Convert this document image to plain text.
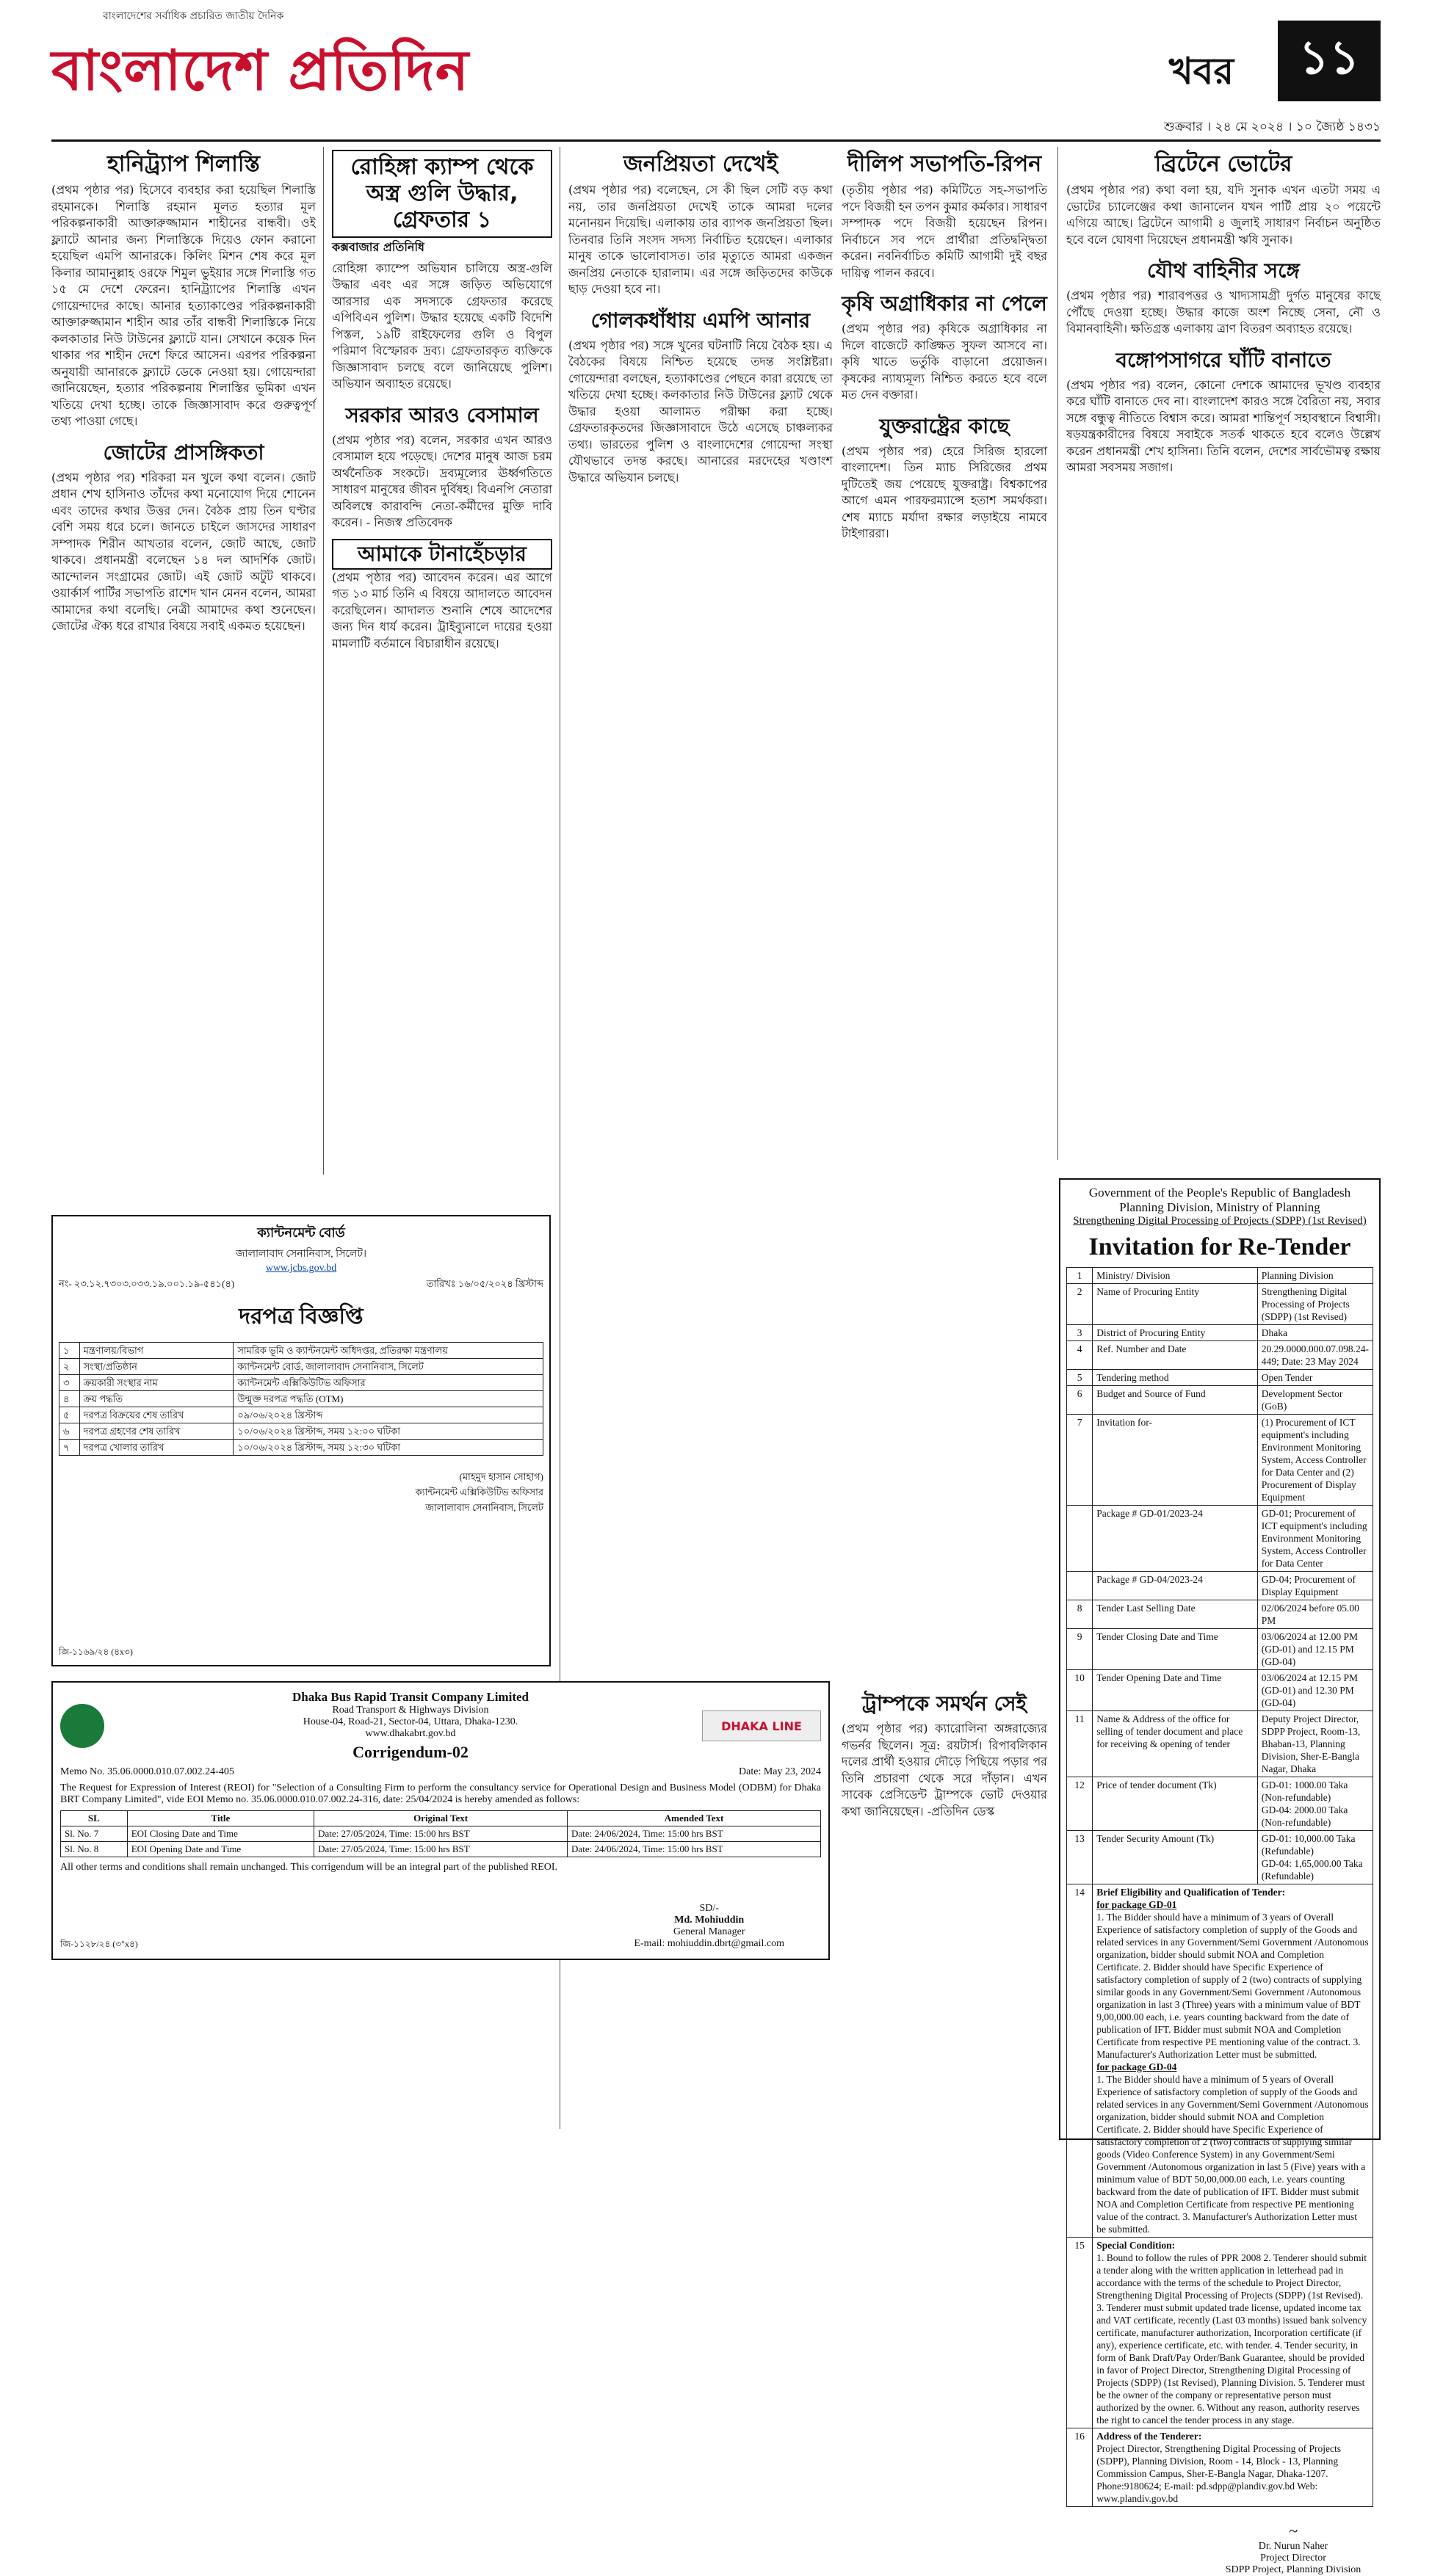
বাংলাদেশের সর্বাধিক প্রচারিত জাতীয় দৈনিক
বাংলাদেশ প্রতিদিন	খবর	১১
শুক্রবার । ২৪ মে ২০২৪ । ১০ জ্যৈষ্ঠ ১৪৩১
হানিট্র্যাপ শিলাস্তি

(প্রথম পৃষ্ঠার পর) হিসেবে ব্যবহার করা হয়েছিল শিলাস্তি রহমানকে। শিলাস্তি রহমান মূলত হত্যার মূল পরিকল্পনাকারী আক্তারুজ্জামান শাহীনের বান্ধবী। ওই ফ্ল্যাটে আনার জন্য শিলাস্তিকে দিয়েও ফোন করানো হয়েছিল এমপি আনারকে। কিলিং মিশন শেষ করে মূল কিলার আমানুল্লাহ ওরফে শিমুল ভুইয়ার সঙ্গে শিলাস্তি গত ১৫ মে দেশে ফেরেন। হানিট্র্যাপের শিলাস্তি এখন গোয়েন্দাদের কাছে। আনার হত্যাকাণ্ডের পরিকল্পনাকারী আক্তারুজ্জামান শাহীন আর তাঁর বান্ধবী শিলাস্তিকে নিয়ে কলকাতার নিউ টাউনের ফ্ল্যাটে যান। সেখানে কয়েক দিন থাকার পর শাহীন দেশে ফিরে আসেন। এরপর পরিকল্পনা অনুযায়ী আনারকে ফ্ল্যাটে ডেকে নেওয়া হয়। গোয়েন্দারা জানিয়েছেন, হত্যার পরিকল্পনায় শিলাস্তির ভূমিকা এখন খতিয়ে দেখা হচ্ছে। তাকে জিজ্ঞাসাবাদ করে গুরুত্বপূর্ণ তথ্য পাওয়া গেছে।

জোটের প্রাসঙ্গিকতা

(প্রথম পৃষ্ঠার পর) শরিকরা মন খুলে কথা বলেন। জোট প্রধান শেখ হাসিনাও তাঁদের কথা মনোযোগ দিয়ে শোনেন এবং তাদের কথার উত্তর দেন। বৈঠক প্রায় তিন ঘণ্টার বেশি সময় ধরে চলে। জানতে চাইলে জাসদের সাধারণ সম্পাদক শিরীন আখতার বলেন, জোট আছে, জোট থাকবে। প্রধানমন্ত্রী বলেছেন ১৪ দল আদর্শিক জোট। আন্দোলন সংগ্রামের জোট। এই জোট অটুট থাকবে। ওয়ার্কার্স পার্টির সভাপতি রাশেদ খান মেনন বলেন, আমরা আমাদের কথা বলেছি। নেত্রী আমাদের কথা শুনেছেন। জোটের ঐক্য ধরে রাখার বিষয়ে সবাই একমত হয়েছেন।

রোহিঙ্গা ক্যাম্প থেকে অস্ত্র গুলি উদ্ধার, গ্রেফতার ১
কক্সবাজার প্রতিনিধি

রোহিঙ্গা ক্যাম্পে অভিযান চালিয়ে অস্ত্র-গুলি উদ্ধার এবং এর সঙ্গে জড়িত অভিযোগে আরসার এক সদস্যকে গ্রেফতার করেছে এপিবিএন পুলিশ। উদ্ধার হয়েছে একটি বিদেশি পিস্তল, ১৯টি রাইফেলের গুলি ও বিপুল পরিমাণ বিস্ফোরক দ্রব্য। গ্রেফতারকৃত ব্যক্তিকে জিজ্ঞাসাবাদ চলছে বলে জানিয়েছে পুলিশ। অভিযান অব্যাহত রয়েছে।

সরকার আরও বেসামাল

(প্রথম পৃষ্ঠার পর) বলেন, সরকার এখন আরও বেসামাল হয়ে পড়েছে। দেশের মানুষ আজ চরম অর্থনৈতিক সংকটে। দ্রব্যমূল্যের ঊর্ধ্বগতিতে সাধারণ মানুষের জীবন দুর্বিষহ। বিএনপি নেতারা অবিলম্বে কারাবন্দি নেতা-কর্মীদের মুক্তি দাবি করেন। - নিজস্ব প্রতিবেদক

আমাকে টানাহেঁচড়ার

(প্রথম পৃষ্ঠার পর) আবেদন করেন। এর আগে গত ১৩ মার্চ তিনি এ বিষয়ে আদালতে আবেদন করেছিলেন। আদালত শুনানি শেষে আদেশের জন্য দিন ধার্য করেন। ট্রাইব্যুনালে দায়ের হওয়া মামলাটি বর্তমানে বিচারাধীন রয়েছে।

জনপ্রিয়তা দেখেই

(প্রথম পৃষ্ঠার পর) বলেছেন, সে কী ছিল সেটি বড় কথা নয়, তার জনপ্রিয়তা দেখেই তাকে আমরা দলের মনোনয়ন দিয়েছি। এলাকায় তার ব্যাপক জনপ্রিয়তা ছিল। তিনবার তিনি সংসদ সদস্য নির্বাচিত হয়েছেন। এলাকার মানুষ তাকে ভালোবাসত। তার মৃত্যুতে আমরা একজন জনপ্রিয় নেতাকে হারালাম। এর সঙ্গে জড়িতদের কাউকে ছাড় দেওয়া হবে না।

গোলকধাঁধায় এমপি আনার

(প্রথম পৃষ্ঠার পর) সঙ্গে খুনের ঘটনাটি নিয়ে বৈঠক হয়। এ বৈঠকের বিষয়ে নিশ্চিত হয়েছে তদন্ত সংশ্লিষ্টরা। গোয়েন্দারা বলছেন, হত্যাকাণ্ডের পেছনে কারা রয়েছে তা খতিয়ে দেখা হচ্ছে। কলকাতার নিউ টাউনের ফ্ল্যাট থেকে উদ্ধার হওয়া আলামত পরীক্ষা করা হচ্ছে। গ্রেফতারকৃতদের জিজ্ঞাসাবাদে উঠে এসেছে চাঞ্চল্যকর তথ্য। ভারতের পুলিশ ও বাংলাদেশের গোয়েন্দা সংস্থা যৌথভাবে তদন্ত করছে। আনারের মরদেহের খণ্ডাংশ উদ্ধারে অভিযান চলছে।

দীলিপ সভাপতি-রিপন

(তৃতীয় পৃষ্ঠার পর) কমিটিতে সহ-সভাপতি পদে বিজয়ী হন তপন কুমার কর্মকার। সাধারণ সম্পাদক পদে বিজয়ী হয়েছেন রিপন। নির্বাচনে সব পদে প্রার্থীরা প্রতিদ্বন্দ্বিতা করেন। নবনির্বাচিত কমিটি আগামী দুই বছর দায়িত্ব পালন করবে।

কৃষি অগ্রাধিকার না পেলে

(প্রথম পৃষ্ঠার পর) কৃষিকে অগ্রাধিকার না দিলে বাজেটে কাঙ্ক্ষিত সুফল আসবে না। কৃষি খাতে ভর্তুকি বাড়ানো প্রয়োজন। কৃষকের ন্যায্যমূল্য নিশ্চিত করতে হবে বলে মত দেন বক্তারা।

যুক্তরাষ্ট্রের কাছে

(প্রথম পৃষ্ঠার পর) হেরে সিরিজ হারলো বাংলাদেশ। তিন ম্যাচ সিরিজের প্রথম দুটিতেই জয় পেয়েছে যুক্তরাষ্ট্র। বিশ্বকাপের আগে এমন পারফরম্যান্সে হতাশ সমর্থকরা। শেষ ম্যাচে মর্যাদা রক্ষার লড়াইয়ে নামবে টাইগাররা।

ব্রিটেনে ভোটের

(প্রথম পৃষ্ঠার পর) কথা বলা হয়, যদি সুনাক এখন এতটা সময় এ ভোটের চ্যালেঞ্জের কথা জানালেন যখন পার্টি প্রায় ২০ পয়েন্টে এগিয়ে আছে। ব্রিটেনে আগামী ৪ জুলাই সাধারণ নির্বাচন অনুষ্ঠিত হবে বলে ঘোষণা দিয়েছেন প্রধানমন্ত্রী ঋষি সুনাক।

যৌথ বাহিনীর সঙ্গে

(প্রথম পৃষ্ঠার পর) শারাবপত্তর ও খাদ্যসামগ্রী দুর্গত মানুষের কাছে পৌঁছে দেওয়া হচ্ছে। উদ্ধার কাজে অংশ নিচ্ছে সেনা, নৌ ও বিমানবাহিনী। ক্ষতিগ্রস্ত এলাকায় ত্রাণ বিতরণ অব্যাহত রয়েছে।

বঙ্গোপসাগরে ঘাঁটি বানাতে

(প্রথম পৃষ্ঠার পর) বলেন, কোনো দেশকে আমাদের ভূখণ্ড ব্যবহার করে ঘাঁটি বানাতে দেব না। বাংলাদেশ কারও সঙ্গে বৈরিতা নয়, সবার সঙ্গে বন্ধুত্ব নীতিতে বিশ্বাস করে। আমরা শান্তিপূর্ণ সহাবস্থানে বিশ্বাসী। ষড়যন্ত্রকারীদের বিষয়ে সবাইকে সতর্ক থাকতে হবে বলেও উল্লেখ করেন প্রধানমন্ত্রী শেখ হাসিনা। তিনি বলেন, দেশের সার্বভৌমত্ব রক্ষায় আমরা সবসময় সজাগ।

ক্যান্টনমেন্ট বোর্ড
জালালাবাদ সেনানিবাস, সিলেট।
www.jcbs.gov.bd
নং- ২৩.১২.৭৩০৩.০৩৩.১৯.০০১.১৯-৫৪১(৪)	তারিখঃ ১৬/০৫/২০২৪ খ্রিস্টাব্দ
দরপত্র বিজ্ঞপ্তি
১	মন্ত্রণালয়/বিভাগ	সামরিক ভূমি ও ক্যান্টনমেন্ট অধিদপ্তর, প্রতিরক্ষা মন্ত্রণালয়
২	সংস্থা/প্রতিষ্ঠান	ক্যান্টনমেন্ট বোর্ড, জালালাবাদ সেনানিবাস, সিলেট
৩	ক্রয়কারী সংস্থার নাম	ক্যান্টনমেন্ট এক্সিকিউটিভ অফিসার
৪	ক্রয় পদ্ধতি	উন্মুক্ত দরপত্র পদ্ধতি (OTM)
৫	দরপত্র বিক্রয়ের শেষ তারিখ	০৯/০৬/২০২৪ খ্রিস্টাব্দ
৬	দরপত্র গ্রহণের শেষ তারিখ	১০/০৬/২০২৪ খ্রিস্টাব্দ, সময় ১২:০০ ঘটিকা
৭	দরপত্র খোলার তারিখ	১০/০৬/২০২৪ খ্রিস্টাব্দ, সময় ১২:৩০ ঘটিকা
(মাহমুদ হাসান সোহাগ)
ক্যান্টনমেন্ট এক্সিকিউটিভ অফিসার
জালালাবাদ সেনানিবাস, সিলেট
জি-১১৬৯/২৪ (৪x৩)
Dhaka Bus Rapid Transit Company Limited
Road Transport & Highways Division
House-04, Road-21, Sector-04, Uttara, Dhaka-1230.
www.dhakabrt.gov.bd
Corrigendum-02
DHAKA LINE
Memo No. 35.06.0000.010.07.002.24-405	Date: May 23, 2024

The Request for Expression of Interest (REOI) for "Selection of a Consulting Firm to perform the consultancy service for Operational Design and Business Model (ODBM) for Dhaka BRT Company Limited", vide EOI Memo no. 35.06.0000.010.07.002.24-316, date: 25/04/2024 is hereby amended as follows:

SL	Title	Original Text	Amended Text
Sl. No. 7	EOI Closing Date and Time	Date: 27/05/2024, Time: 15:00 hrs BST	Date: 24/06/2024, Time: 15:00 hrs BST
Sl. No. 8	EOI Opening Date and Time	Date: 27/05/2024, Time: 15:00 hrs BST	Date: 24/06/2024, Time: 15:00 hrs BST

All other terms and conditions shall remain unchanged. This corrigendum will be an integral part of the published REOI.

SD/-
Md. Mohiuddin
General Manager
E-mail: mohiuddin.dbrt@gmail.com
জি-১১২৮/২৪ (৩"x৪)
ট্রাম্পকে সমর্থন সেই

(প্রথম পৃষ্ঠার পর) ক্যারোলিনা অঙ্গরাজ্যের গভর্নর ছিলেন। সূত্র: রয়টার্স। রিপাবলিকান দলের প্রার্থী হওয়ার দৌড়ে পিছিয়ে পড়ার পর তিনি প্রচারণা থেকে সরে দাঁড়ান। এখন সাবেক প্রেসিডেন্ট ট্রাম্পকে ভোট দেওয়ার কথা জানিয়েছেন। -প্রতিদিন ডেস্ক

Government of the People's Republic of Bangladesh
Planning Division, Ministry of Planning
Strengthening Digital Processing of Projects (SDPP) (1st Revised)
Invitation for Re-Tender
1	Ministry/ Division	Planning Division
2	Name of Procuring Entity	Strengthening Digital Processing of Projects (SDPP) (1st Revised)
3	District of Procuring Entity	Dhaka
4	Ref. Number and Date	20.29.0000.000.07.098.24-449; Date: 23 May 2024
5	Tendering method	Open Tender
6	Budget and Source of Fund	Development Sector (GoB)
7	Invitation for-	(1) Procurement of ICT equipment's including Environment Monitoring System, Access Controller for Data Center and (2) Procurement of Display Equipment
	Package # GD-01/2023-24	GD-01; Procurement of ICT equipment's including Environment Monitoring System, Access Controller for Data Center
	Package # GD-04/2023-24	GD-04; Procurement of Display Equipment
8	Tender Last Selling Date	02/06/2024 before 05.00 PM
9	Tender Closing Date and Time	03/06/2024 at 12.00 PM (GD-01) and 12.15 PM (GD-04)
10	Tender Opening Date and Time	03/06/2024 at 12.15 PM (GD-01) and 12.30 PM (GD-04)
11	Name & Address of the office for selling of tender document and place for receiving & opening of tender	Deputy Project Director, SDPP Project, Room-13, Bhaban-13, Planning Division, Sher-E-Bangla Nagar, Dhaka
12	Price of tender document (Tk)	GD-01: 1000.00 Taka (Non-refundable)
GD-04: 2000.00 Taka (Non-refundable)
13	Tender Security Amount (Tk)	GD-01: 10,000.00 Taka (Refundable)
GD-04: 1,65,000.00 Taka (Refundable)
14	Brief Eligibility and Qualification of Tender:
for package GD-01
1. The Bidder should have a minimum of 3 years of Overall Experience of satisfactory completion of supply of the Goods and related services in any Government/Semi Government /Autonomous organization, bidder should submit NOA and Completion Certificate. 2. Bidder should have Specific Experience of satisfactory completion of supply of 2 (two) contracts of supplying similar goods in any Government/Semi Government /Autonomous organization in last 3 (Three) years with a minimum value of BDT 9,00,000.00 each, i.e. years counting backward from the date of publication of IFT. Bidder must submit NOA and Completion Certificate from respective PE mentioning value of the contract. 3. Manufacturer's Authorization Letter must be submitted.
for package GD-04
1. The Bidder should have a minimum of 5 years of Overall Experience of satisfactory completion of supply of the Goods and related services in any Government/Semi Government /Autonomous organization, bidder should submit NOA and Completion Certificate. 2. Bidder should have Specific Experience of satisfactory completion of 2 (two) contracts of supplying similar goods (Video Conference System) in any Government/Semi Government /Autonomous organization in last 5 (Five) years with a minimum value of BDT 50,00,000.00 each, i.e. years counting backward from the date of publication of IFT. Bidder must submit NOA and Completion Certificate from respective PE mentioning value of the contract. 3. Manufacturer's Authorization Letter must be submitted.	
15	Special Condition:
1. Bound to follow the rules of PPR 2008 2. Tenderer should submit a tender along with the written application in letterhead pad in accordance with the terms of the schedule to Project Director, Strengthening Digital Processing of Projects (SDPP) (1st Revised). 3. Tenderer must submit updated trade license, updated income tax and VAT certificate, recently (Last 03 months) issued bank solvency certificate, manufacturer authorization, Incorporation certificate (if any), experience certificate, etc. with tender. 4. Tender security, in form of Bank Draft/Pay Order/Bank Guarantee, should be provided in favor of Project Director, Strengthening Digital Processing of Projects (SDPP) (1st Revised), Planning Division. 5. Tenderer must be the owner of the company or representative person must authorized by the owner. 6. Without any reason, authority reserves the right to cancel the tender process in any stage.	
16	Address of the Tenderer:
Project Director, Strengthening Digital Processing of Projects (SDPP), Planning Division, Room - 14, Block - 13, Planning Commission Campus, Sher-E-Bangla Nagar, Dhaka-1207. Phone:9180624; E-mail: pd.sdpp@plandiv.gov.bd Web: www.plandiv.gov.bd	
~
Dr. Nurun Naher
Project Director
SDPP Project, Planning Division
